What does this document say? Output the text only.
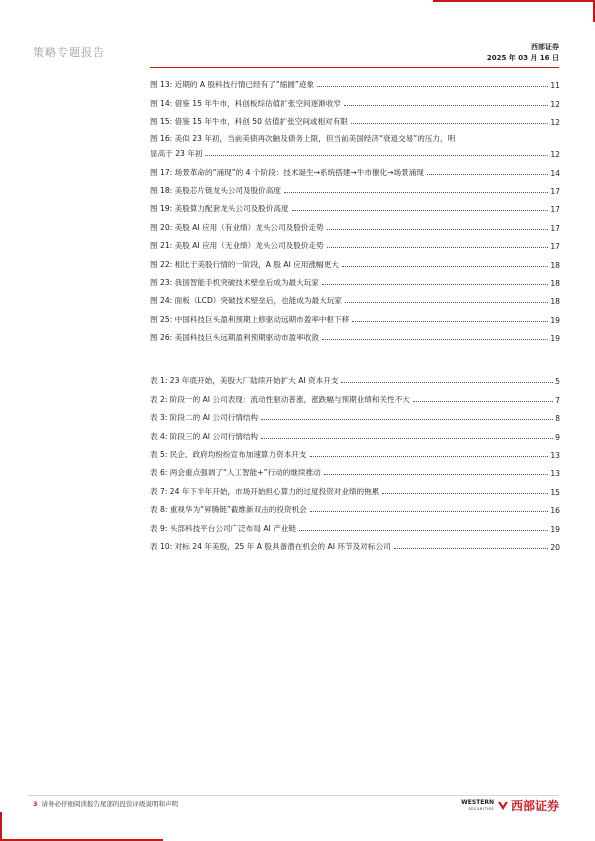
策略专题报告	西部证券
2025 年 03 月 16 日
图 13: 近期的 A 股科技行情已经有了“缩圆”迹象	11
图 14: 借鉴 15 年牛市，科创板综估值扩张空间逐渐收窄	12
图 15: 借鉴 15 年牛市，科创 50 估值扩张空间或相对有限	12
图 16: 美似 23 年初，当前美债再次触及债务上限，但当前美国经济“衰退交易”的压力，明
显高于 23 年初	12
图 17: 场景革命的“涌现”的 4 个阶段：技术诞生→系统搭建→牛市催化→场景涌现	14
图 18: 美股芯片链龙头公司及股价高度	17
图 19: 美股算力配套龙头公司及股价高度	17
图 20: 美股 AI 应用（有业绩）龙头公司及股价走势	17
图 21: 美股 AI 应用（无业绩）龙头公司及股价走势	17
图 22: 相比于美股行情的一阶段，A 股 AI 应用涨幅更大	18
图 23: 我国智能手机突破技术壁垒后成为最大玩家	18
图 24: 面板（LCD）突破技术壁垒后，也能成为最大玩家	18
图 25: 中国科技巨头盈利预期上修驱动远期市盈率中枢下移	19
图 26: 美国科技巨头远期盈利预期驱动市盈率收敛	19
表 1: 23 年底开始，美股大厂陆续开始扩大 AI 资本开支	5
表 2: 阶段一的 AI 公司表现：流动性驱动普涨，涨跌幅与预期业绩和关性不大	7
表 3: 阶段二的 AI 公司行情结构	8
表 4: 阶段三的 AI 公司行情结构	9
表 5: 民企、政府均纷纷宣布加速算力资本开支	13
表 6: 两会重点强调了“人工智能+”行动的继续推动	13
表 7: 24 年下半年开始，市场开始担心算力的过度投资对业绩的拖累	15
表 8: 重视华为“昇腾链”截维新双击的投资机会	16
表 9: 头部科技平台公司广泛布局 AI 产业链	19
表 10: 对标 24 年美股，25 年 A 股具备潜在机会的 AI 环节及对标公司	20
3 请务必仔细阅读报告尾部的投资评级说明和声明	WESTERN
SECURITIES 西部证券
